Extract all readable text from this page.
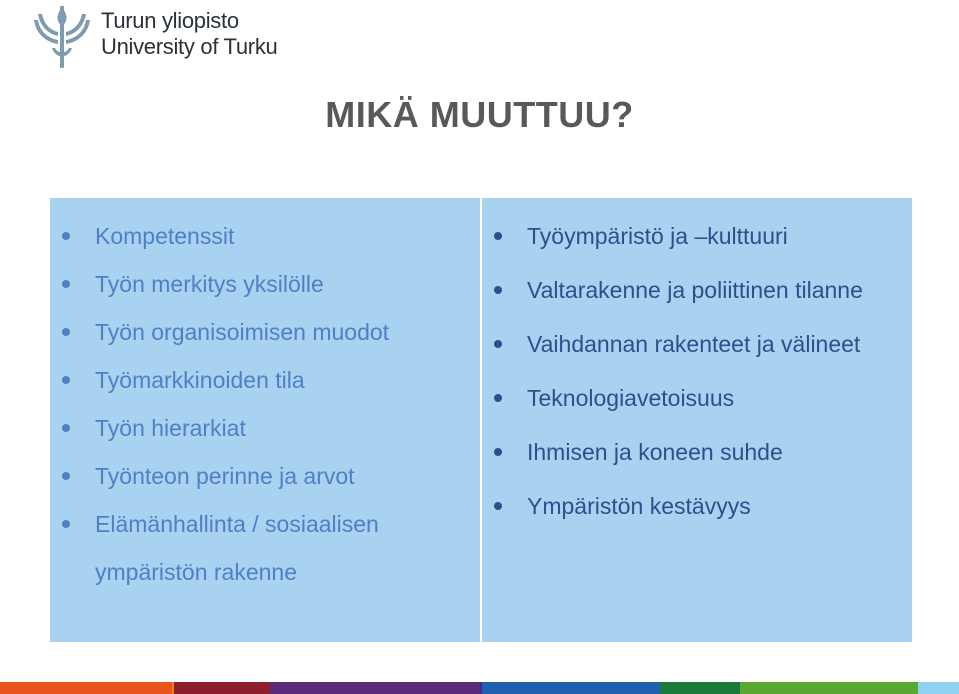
Turun yliopisto
University of Turku
MIKÄ MUUTTUU?
Kompetenssit
Työn merkitys yksilölle
Työn organisoimisen muodot
Työmarkkinoiden tila
Työn hierarkiat
Työnteon perinne ja arvot
Elämänhallinta / sosiaalisen ympäristön rakenne
Työympäristö ja –kulttuuri
Valtarakenne ja poliittinen tilanne
Vaihdannan rakenteet ja välineet
Teknologiavetoisuus
Ihmisen ja koneen suhde
Ympäristön kestävyys
